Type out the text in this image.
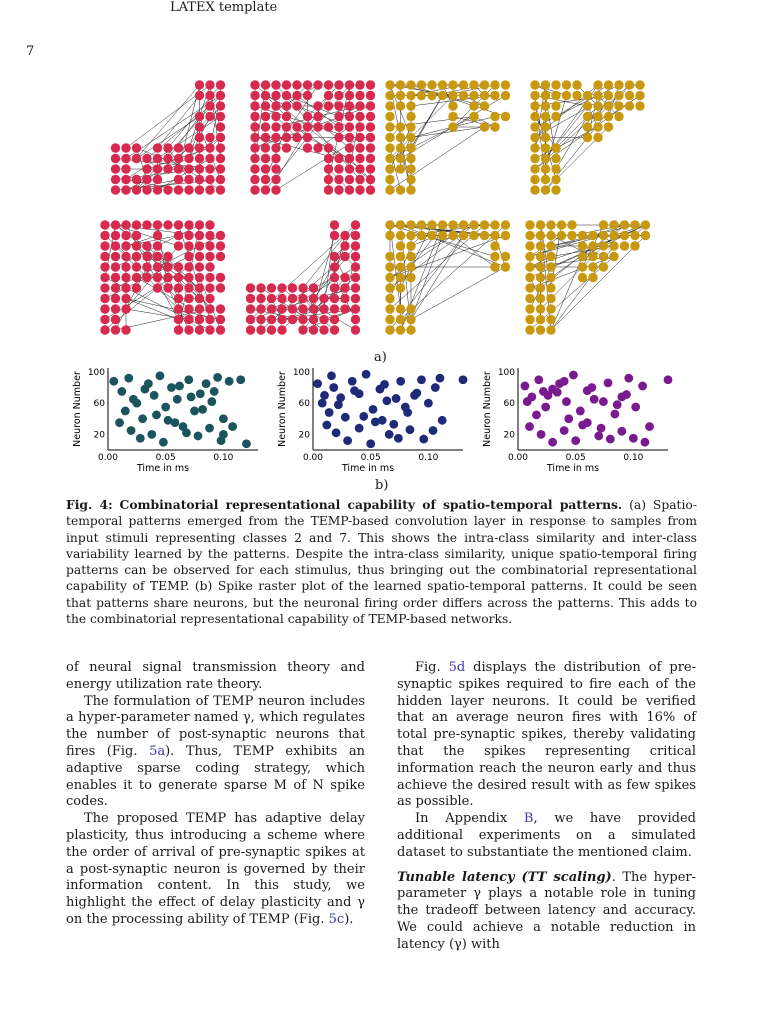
LATEX template
7
a)
20
60
100
0.00	0.05	0.10
Time in ms
Neuron Number	20
60
100
0.00	0.05	0.10
Time in ms
Neuron Number	20
60
100
0.00	0.05	0.10
Time in ms
Neuron Number
b)
Fig. 4: Combinatorial representational capability of spatio-temporal patterns. (a) Spatio-temporal patterns emerged from the TEMP-based convolution layer in response to samples from input stimuli representing classes 2 and 7. This shows the intra-class similarity and inter-class variability learned by the patterns. Despite the intra-class similarity, unique spatio-temporal firing patterns can be observed for each stimulus, thus bringing out the combinatorial representational capability of TEMP. (b) Spike raster plot of the learned spatio-temporal patterns. It could be seen that patterns share neurons, but the neuronal firing order differs across the patterns. This adds to the combinatorial representational capability of TEMP-based networks.

of neural signal transmission theory and energy utilization rate theory.

The formulation of TEMP neuron includes a hyper-parameter named γ, which regulates the number of post-synaptic neurons that fires (Fig. 5a). Thus, TEMP exhibits an adaptive sparse coding strategy, which enables it to generate sparse M of N spike codes.

The proposed TEMP has adaptive delay plasticity, thus introducing a scheme where the order of arrival of pre-synaptic spikes at a post-synaptic neuron is governed by their information content. In this study, we highlight the effect of delay plasticity and γ on the processing ability of TEMP (Fig. 5c).

Fig. 5d displays the distribution of pre-synaptic spikes required to fire each of the hidden layer neurons. It could be verified that an average neuron fires with 16% of total pre-synaptic spikes, thereby validating that the spikes representing critical information reach the neuron early and thus achieve the desired result with as few spikes as possible.

In Appendix B, we have provided additional experiments on a simulated dataset to substantiate the mentioned claim.

Tunable latency (TT scaling). The hyper-parameter γ plays a notable role in tuning the tradeoff between latency and accuracy. We could achieve a notable reduction in latency (γ) with
